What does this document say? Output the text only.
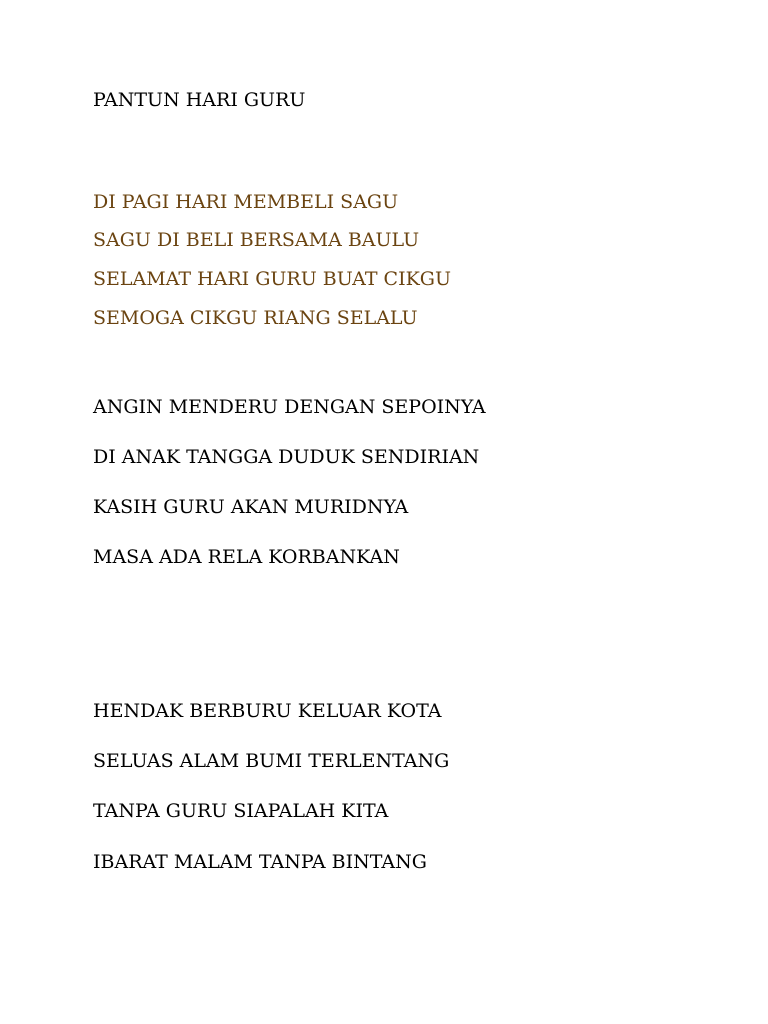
PANTUN HARI GURU
DI PAGI HARI MEMBELI SAGU
SAGU DI BELI BERSAMA BAULU
SELAMAT HARI GURU BUAT CIKGU
SEMOGA CIKGU RIANG SELALU
ANGIN MENDERU DENGAN SEPOINYA
DI ANAK TANGGA DUDUK SENDIRIAN
KASIH GURU AKAN MURIDNYA
MASA ADA RELA KORBANKAN
HENDAK BERBURU KELUAR KOTA
SELUAS ALAM BUMI TERLENTANG
TANPA GURU SIAPALAH KITA
IBARAT MALAM TANPA BINTANG
